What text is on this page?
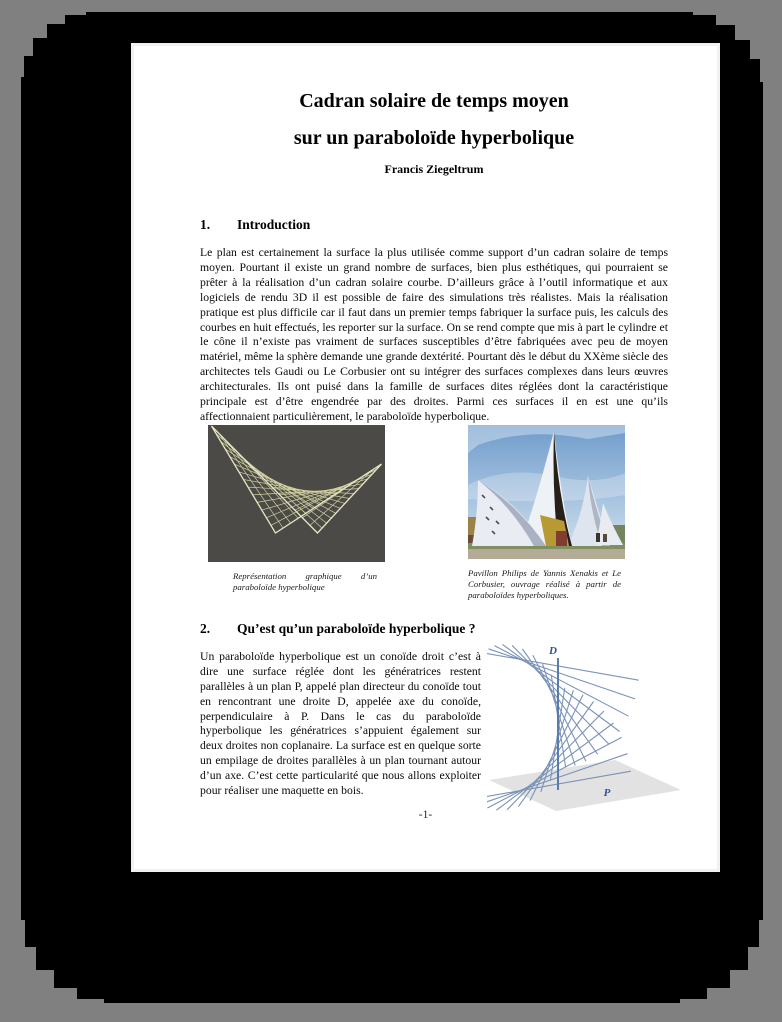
Cadran solaire de temps moyen
sur un paraboloïde hyperbolique
Francis Ziegeltrum
1.	Introduction

Le plan est certainement la surface la plus utilisée comme support d’un cadran solaire de temps moyen. Pourtant il existe un grand nombre de surfaces, bien plus esthétiques, qui pourraient se prêter à la réalisation d’un cadran solaire courbe. D’ailleurs grâce à l’outil informatique et aux logiciels de rendu 3D il est possible de faire des simulations très réalistes. Mais la réalisation pratique est plus difficile car il faut dans un premier temps fabriquer la surface puis, les calculs des courbes en huit effectués, les reporter sur la surface. On se rend compte que mis à part le cylindre et le cône il n’existe pas vraiment de surfaces susceptibles d’être fabriquées avec peu de moyen matériel, même la sphère demande une grande dextérité. Pourtant dès le début du XXème siècle des architectes tels Gaudi ou Le Corbusier ont su intégrer des surfaces complexes dans leurs œuvres architecturales. Ils ont puisé dans la famille de surfaces dites réglées dont la caractéristique principale est d’être engendrée par des droites. Parmi ces surfaces il en est une qu’ils affectionnaient particulièrement, le paraboloïde hyperbolique.

Représentation graphique d’un paraboloïde hyperbolique
Pavillon Philips de Yannis Xenakis et Le Corbusier, ouvrage réalisé à partir de paraboloïdes hyperboliques.
2.	Qu’est qu’un paraboloïde hyperbolique ?

Un paraboloïde hyperbolique est un conoïde droit c’est à dire une surface réglée dont les génératrices restent parallèles à un plan P, appelé plan directeur du conoïde tout en rencontrant une droite D, appelée axe du conoïde, perpendiculaire à P. Dans le cas du paraboloïde hyperbolique les génératrices s’appuient également sur deux droites non coplanaire. La surface est en quelque sorte un empilage de droites parallèles à un plan tournant autour d’un axe. C’est cette particularité que nous allons exploiter pour réaliser une maquette en bois.

D
P
-1-
